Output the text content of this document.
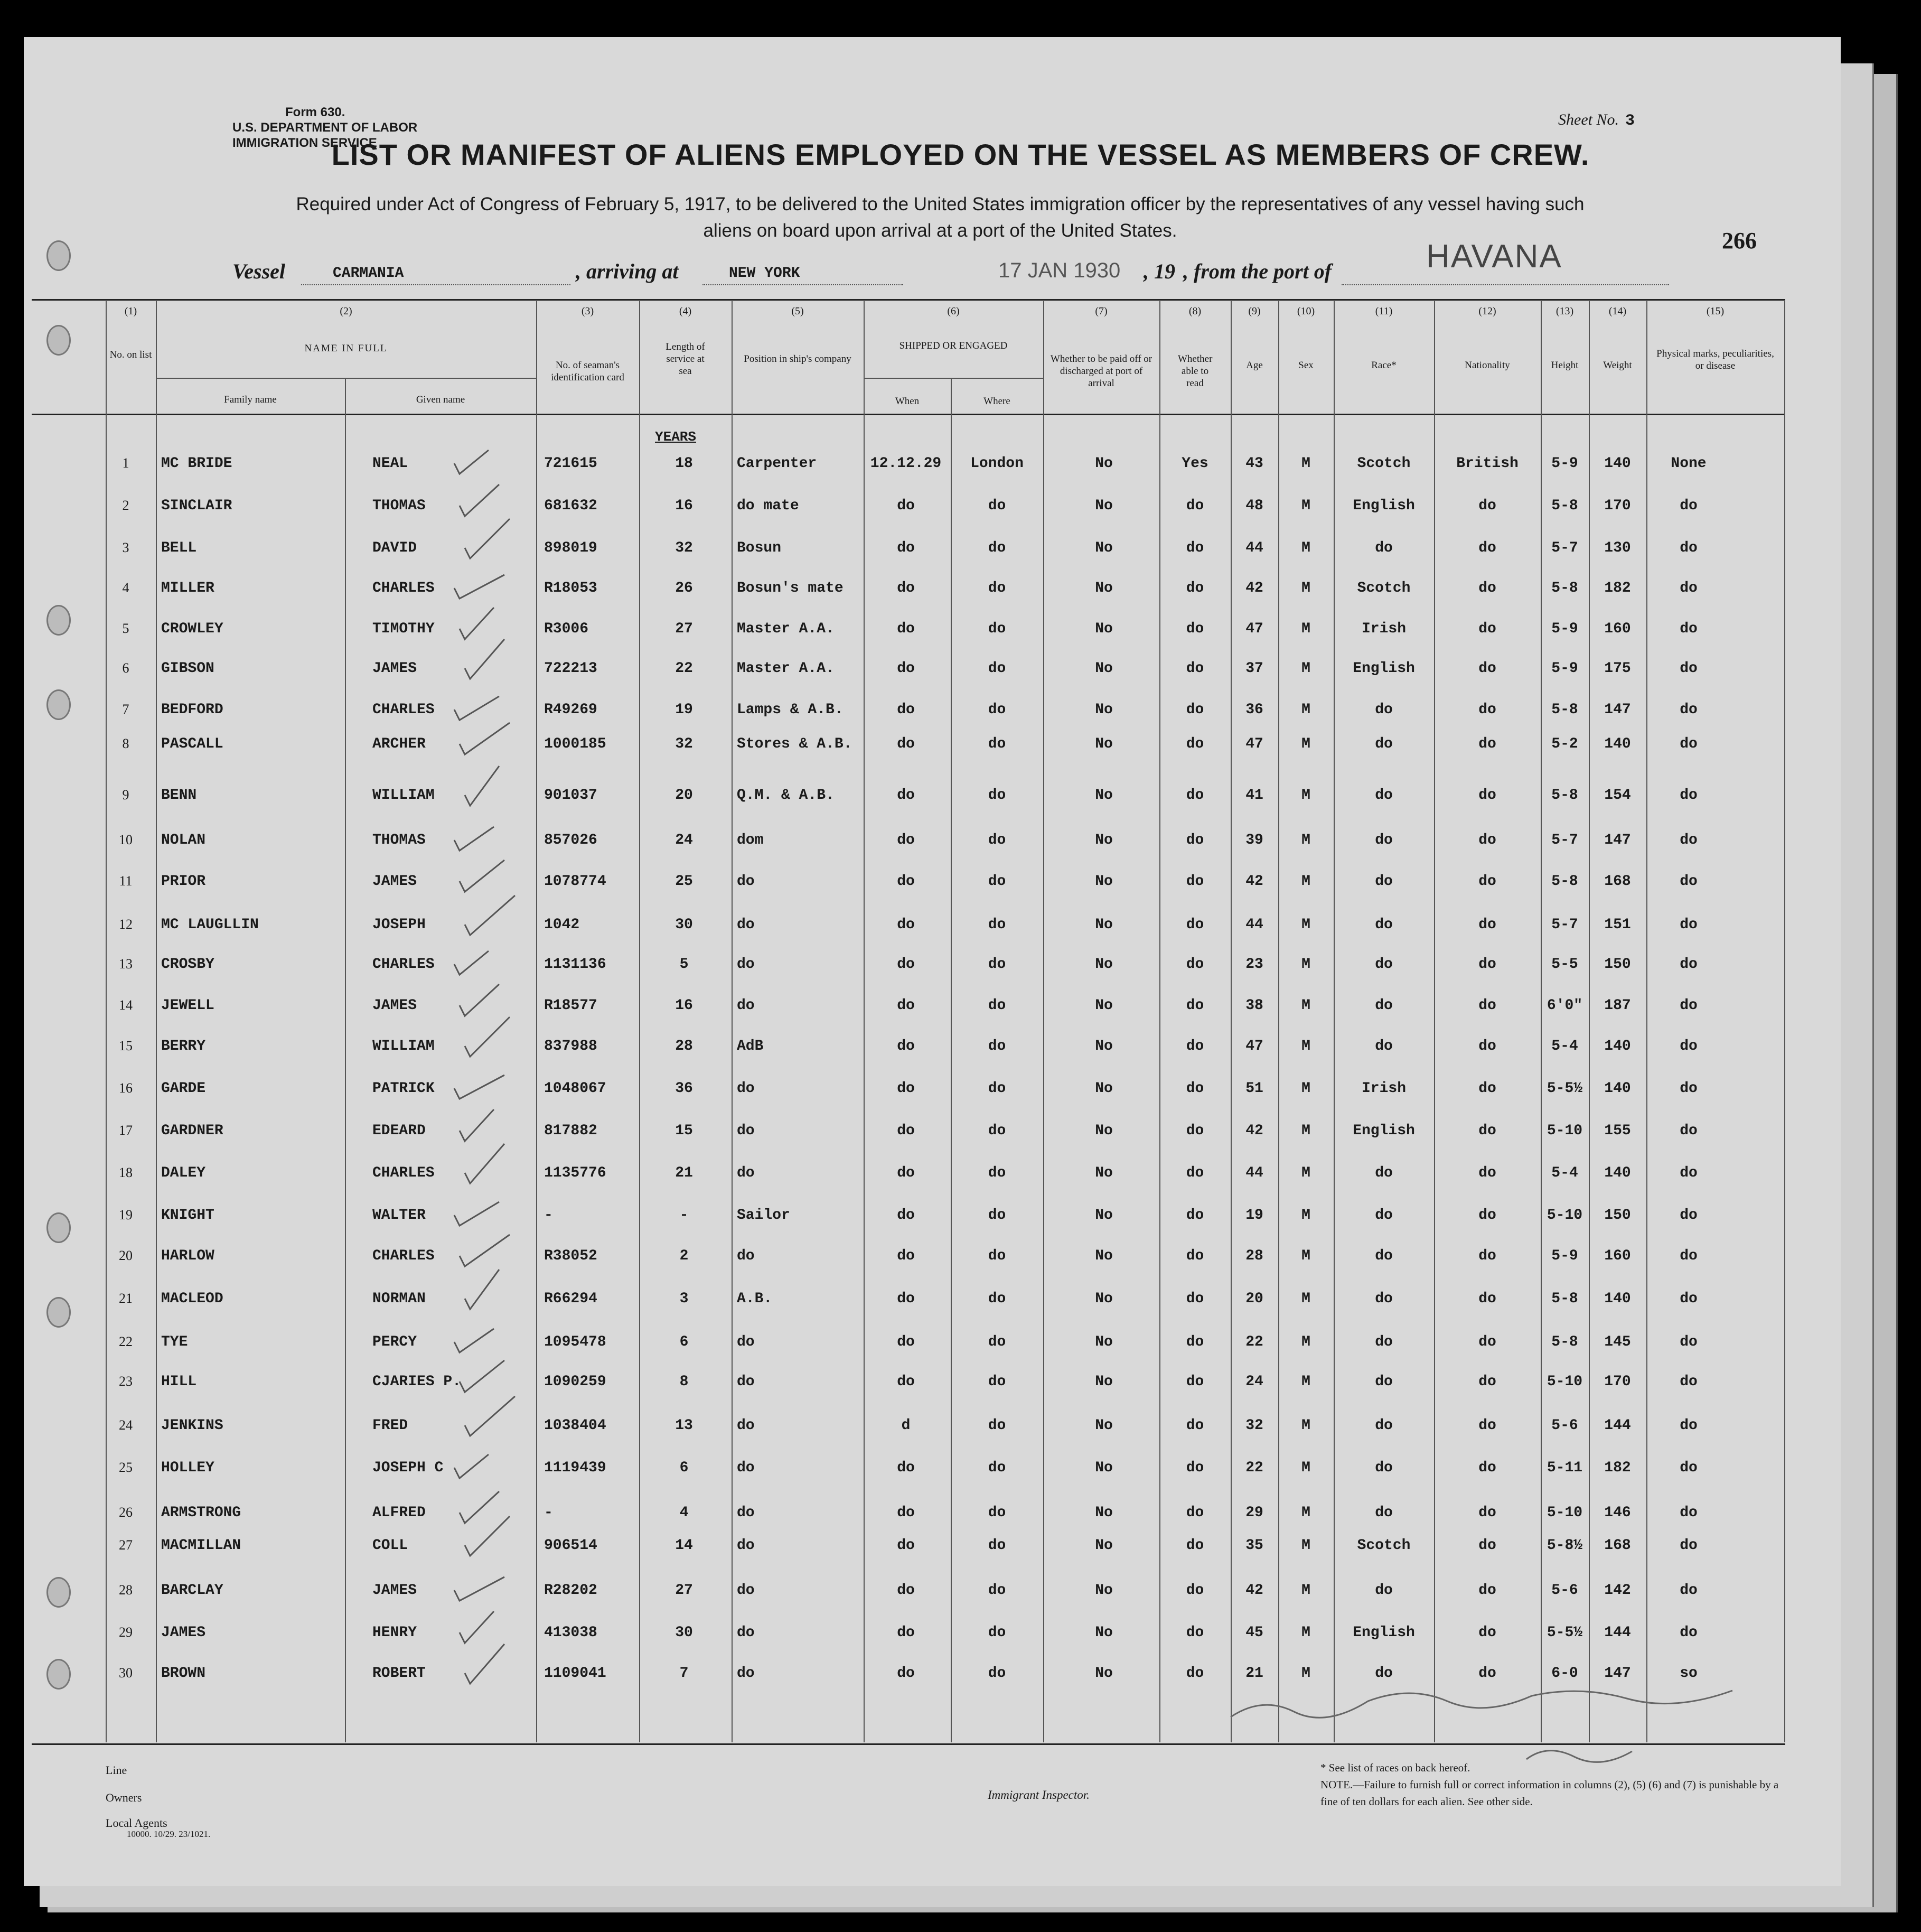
Form 630.
U.S. DEPARTMENT OF LABOR
IMMIGRATION SERVICE
Sheet No. 3
LIST OR MANIFEST OF ALIENS EMPLOYED ON THE VESSEL AS MEMBERS OF CREW.
Required under Act of Congress of February 5, 1917, to be delivered to the United States immigration officer by the representatives of any vessel having such
aliens on board upon arrival at a port of the United States.	266
Vessel	CARMANIA	, arriving at	NEW YORK	17 JAN 1930 , 19 , from the port of	HAVANA
(1)	(2)	(3)	(4)	(5)	(6)	(7)	(8)	(9)	(10)	(11)	(12)	(13)	(14)	(15)
No. on list
NAME IN FULL
Family name	Given name
No. of seaman's identification card
Length of service at sea
Position in ship's company
SHIPPED OR ENGAGED
When	Where
Whether to be paid off or discharged at port of arrival
Whether able to read
Age	Sex	Race*	Nationality	Height	Weight
Physical marks, peculiarities, or disease
YEARS
1	MC BRIDE	NEAL	721615	18	Carpenter	12.12.29	London	No	Yes	43	M	Scotch	British	5-9	140	None
2	SINCLAIR	THOMAS	681632	16	do mate	do	do	No	do	48	M	English	do	5-8	170	do
3	BELL	DAVID	898019	32	Bosun	do	do	No	do	44	M	do	do	5-7	130	do
4	MILLER	CHARLES	R18053	26	Bosun's mate	do	do	No	do	42	M	Scotch	do	5-8	182	do
5	CROWLEY	TIMOTHY	R3006	27	Master A.A.	do	do	No	do	47	M	Irish	do	5-9	160	do
6	GIBSON	JAMES	722213	22	Master A.A.	do	do	No	do	37	M	English	do	5-9	175	do
7	BEDFORD	CHARLES	R49269	19	Lamps & A.B.	do	do	No	do	36	M	do	do	5-8	147	do
8	PASCALL	ARCHER	1000185	32	Stores & A.B.	do	do	No	do	47	M	do	do	5-2	140	do
9	BENN	WILLIAM	901037	20	Q.M. & A.B.	do	do	No	do	41	M	do	do	5-8	154	do
10 NOLAN	THOMAS	857026	24	dom	do	do	No	do	39	M	do	do	5-7	147	do
11 PRIOR	JAMES	1078774	25	do	do	do	No	do	42	M	do	do	5-8	168	do
12 MC LAUGLLIN	JOSEPH	1042	30	do	do	do	No	do	44	M	do	do	5-7	151	do
13 CROSBY	CHARLES	1131136	5	do	do	do	No	do	23	M	do	do	5-5	150	do
14 JEWELL	JAMES	R18577	16	do	do	do	No	do	38	M	do	do	6'0"	187	do
15 BERRY	WILLIAM	837988	28	AdB	do	do	No	do	47	M	do	do	5-4	140	do
16 GARDE	PATRICK	1048067	36	do	do	do	No	do	51	M	Irish	do	5-5½	140	do
17 GARDNER	EDEARD	817882	15	do	do	do	No	do	42	M	English	do	5-10	155	do
18 DALEY	CHARLES	1135776	21	do	do	do	No	do	44	M	do	do	5-4	140	do
19 KNIGHT	WALTER	-	-	Sailor	do	do	No	do	19	M	do	do	5-10	150	do
20 HARLOW	CHARLES	R38052	2	do	do	do	No	do	28	M	do	do	5-9	160	do
21 MACLEOD	NORMAN	R66294	3	A.B.	do	do	No	do	20	M	do	do	5-8	140	do
22 TYE	PERCY	1095478	6	do	do	do	No	do	22	M	do	do	5-8	145	do
23 HILL	CJARIES P.	1090259	8	do	do	do	No	do	24	M	do	do	5-10	170	do
24 JENKINS	FRED	1038404	13	do	d	do	No	do	32	M	do	do	5-6	144	do
25 HOLLEY	JOSEPH C	1119439	6	do	do	do	No	do	22	M	do	do	5-11	182	do
26 ARMSTRONG	ALFRED	-	4	do	do	do	No	do	29	M	do	do	5-10	146	do
27 MACMILLAN	COLL	906514	14	do	do	do	No	do	35	M	Scotch	do	5-8½	168	do
28 BARCLAY	JAMES	R28202	27	do	do	do	No	do	42	M	do	do	5-6	142	do
29 JAMES	HENRY	413038	30	do	do	do	No	do	45	M	English	do	5-5½	144	do
30 BROWN	ROBERT	1109041	7	do	do	do	No	do	21	M	do	do	6-0	147	so
Line
Owners
Local Agents
Immigrant Inspector.
* See list of races on back hereof.
NOTE.—Failure to furnish full or correct information in columns (2), (5) (6) and (7) is punishable by a fine of ten dollars for each alien. See other side.
10000. 10/29. 23/1021.
